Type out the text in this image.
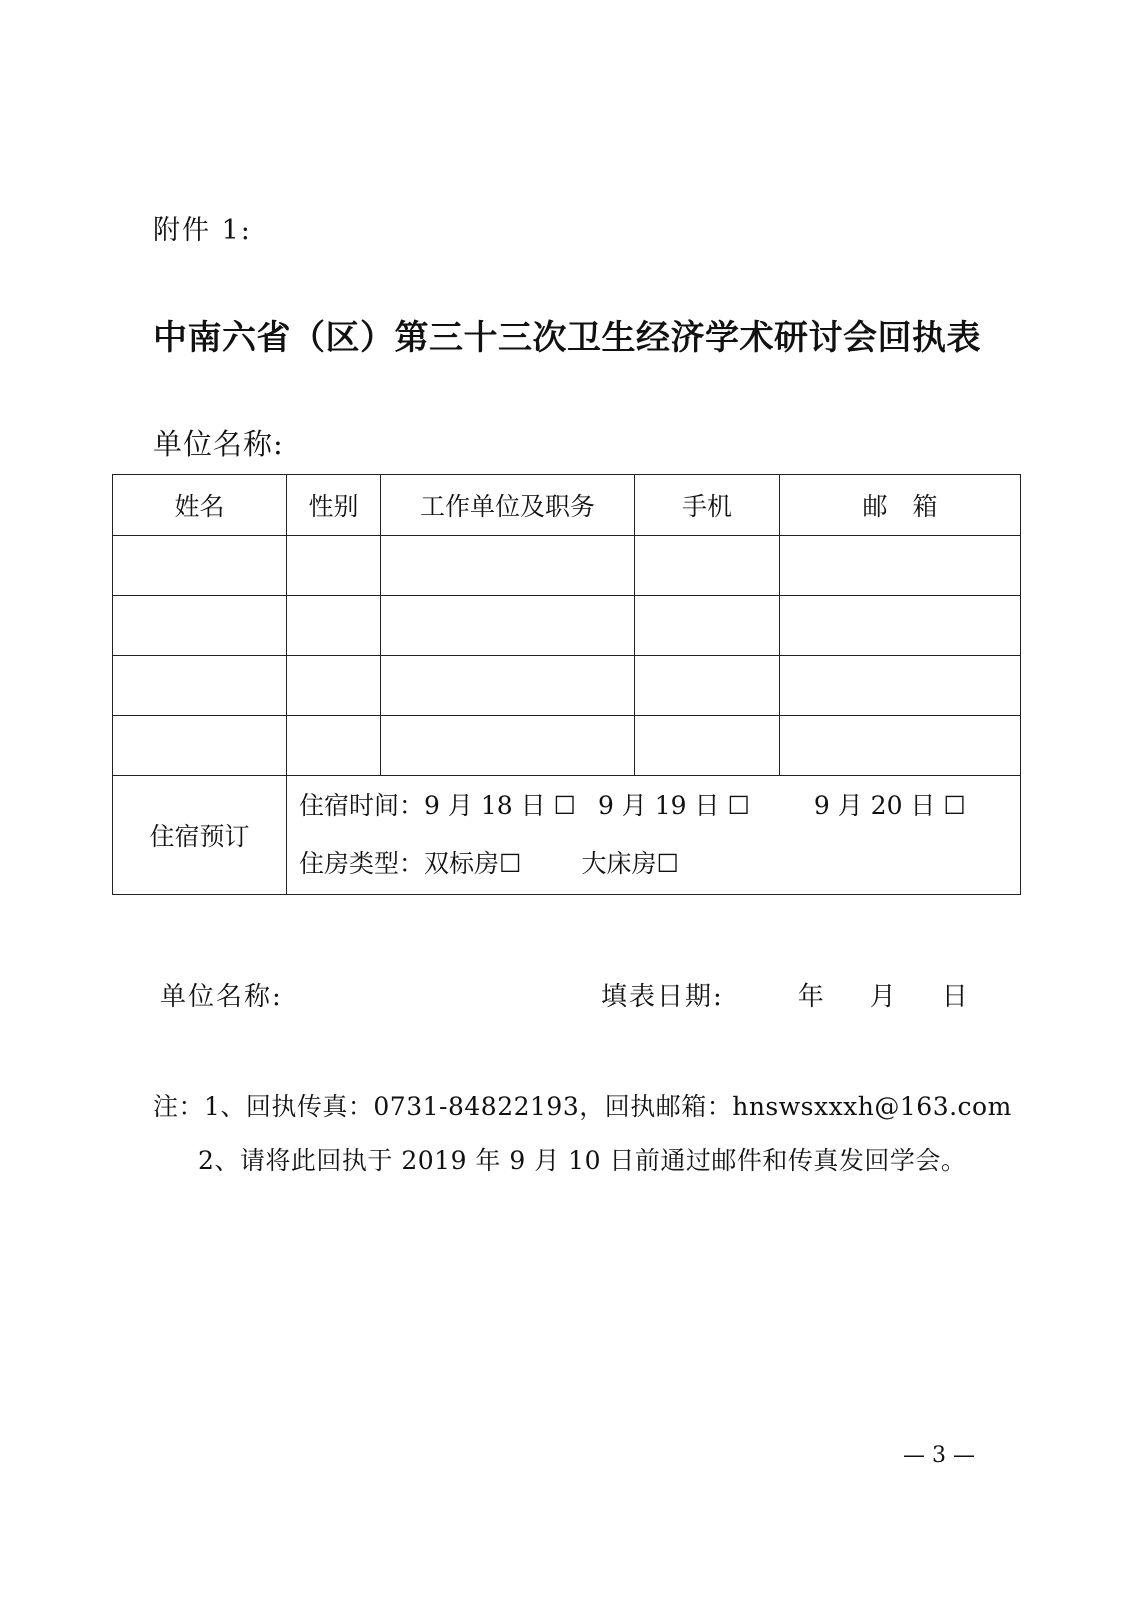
附件 1:
中南六省（区）第三十三次卫生经济学术研讨会回执表
单位名称:
姓名	性别	工作单位及职务	手机	邮　箱

住宿预订	住宿时间：9 月 18 日 ☐ 9 月 19 日 ☐ 9 月 20 日 ☐
住房类型：双标房☐ 大床房☐			
单位名称:	填表日期:	年 月 日
注：1、回执传真：0731-84822193，回执邮箱：hnswsxxxh@163.com
2、请将此回执于 2019 年 9 月 10 日前通过邮件和传真发回学会。
— 3 —
